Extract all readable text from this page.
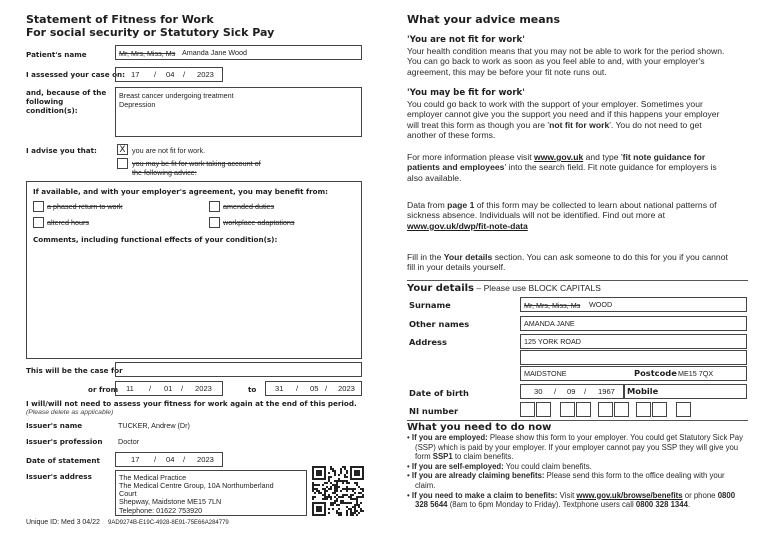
Statement of Fitness for Work
For social security or Statutory Sick Pay
Patient's name	Mr, Mrs, Miss, Ms Amanda Jane Wood
I assessed your case on: 17 / 04 / 2023
and, because of the following condition(s):
Breast cancer undergoing treatment
Depression
I advise you that: X you are not fit for work.
you may be fit for work taking account of
the following advice:
If available, and with your employer's agreement, you may benefit from:
a phased return to work	amended duties
altered hours	workplace adaptations
Comments, including functional effects of your condition(s):
This will be the case for
or from 11 / 01 / 2023	to 31 / 05 / 2023
I will/will not need to assess your fitness for work again at the end of this period.
(Please delete as applicable)
Issuer's name	TUCKER, Andrew (Dr)
Issuer's profession Doctor
Date of statement	17 / 04 / 2023
Issuer's address	The Medical Practice
The Medical Centre Group, 10A Northumberland
Court
Shepway, Maidstone ME15 7LN
Telephone: 01622 753920
Unique ID: Med 3 04/22 9AD9274B-E19C-4928-8E91-75E66A284779
What your advice means
'You are not fit for work'
Your health condition means that you may not be able to work for the period shown. You can go back to work as soon as you feel able to and, with your employer's agreement, this may be before your fit note runs out.
'You may be fit for work'
You could go back to work with the support of your employer. Sometimes your employer cannot give you the support you need and if this happens your employer will treat this form as though you are 'not fit for work'. You do not need to get another of these forms.
For more information please visit www.gov.uk and type 'fit note guidance for patients and employees' into the search field. Fit note guidance for employers is also available.
Data from page 1 of this form may be collected to learn about national patterns of sickness absence. Individuals will not be identified. Find out more at www.gov.uk/dwp/fit-note-data
Fill in the Your details section. You can ask someone to do this for you if you cannot fill in your details yourself.
Your details – Please use BLOCK CAPITALS
Surname	Mr, Mrs, Miss, Ms WOOD
Other names	AMANDA JANE
Address	125 YORK ROAD
MAIDSTONE	Postcode ME15 7QX
Date of birth	30 / 09 / 1967 Mobile
NI number
What you need to do now
• If you are employed: Please show this form to your employer. You could get Statutory Sick Pay (SSP) which is paid by your employer. If your employer cannot pay you SSP they will give you form SSP1 to claim benefits.
• If you are self-employed: You could claim benefits.
• If you are already claiming benefits: Please send this form to the office dealing with your claim.
• If you need to make a claim to benefits: Visit www.gov.uk/browse/benefits or phone 0800 328 5644 (8am to 6pm Monday to Friday). Textphone users call 0800 328 1344.
